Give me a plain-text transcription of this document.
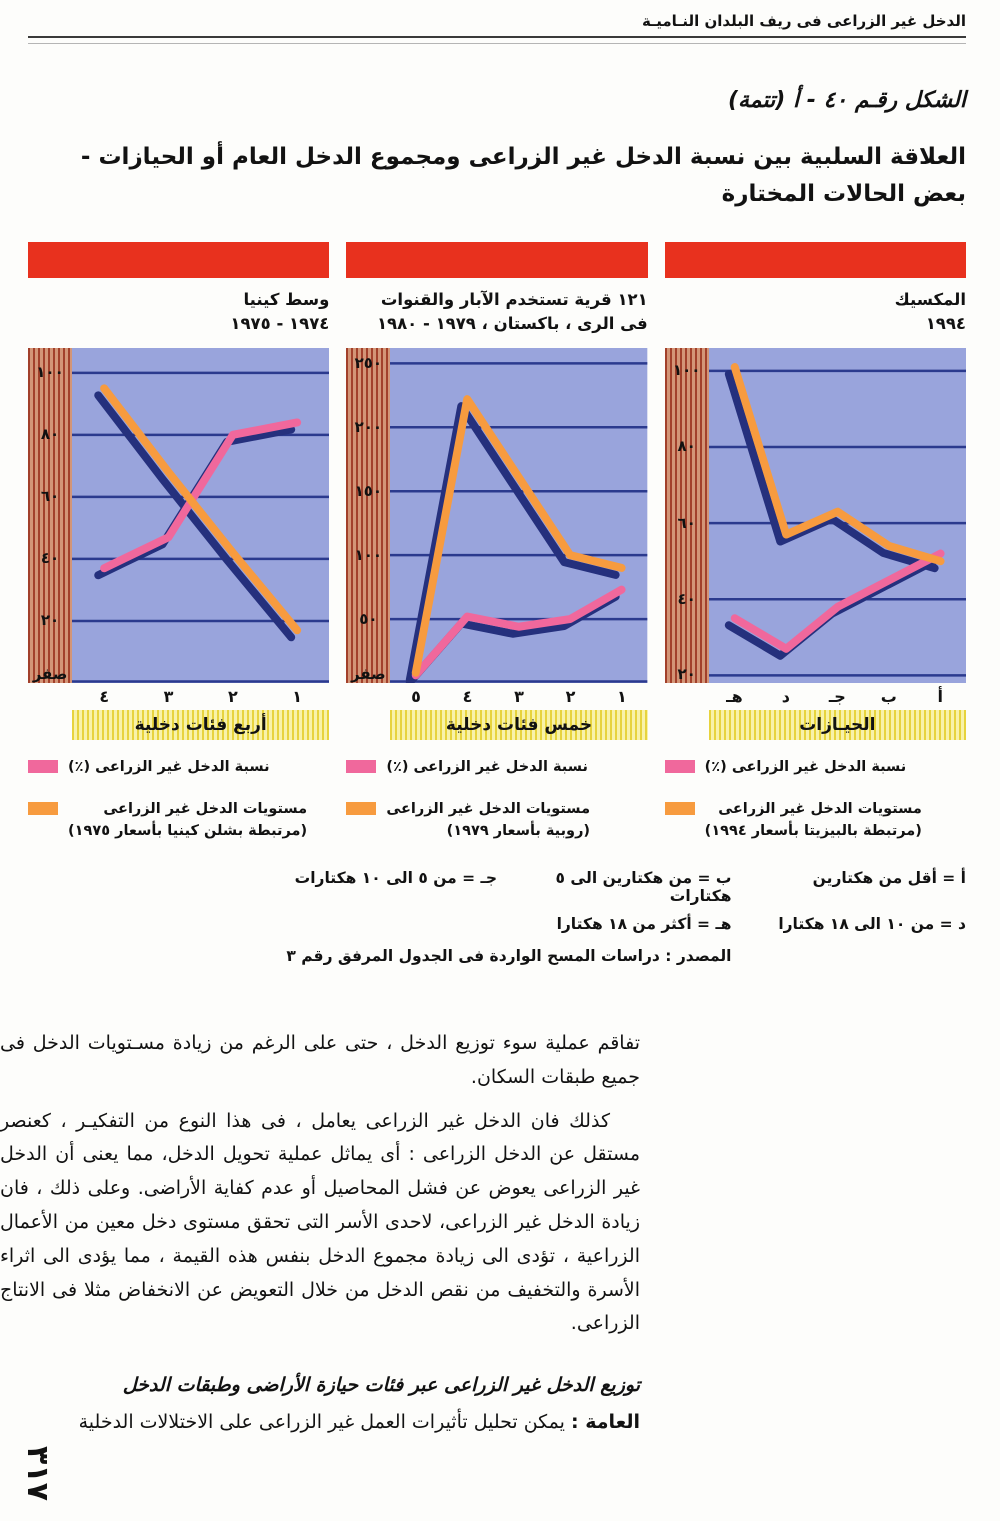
الدخل غير الزراعى فى ريف البلدان النـاميـة
الشكل رقـم ٤٠ - أ (تتمة)
العلاقة السلبية بين نسبة الدخل غير الزراعى ومجموع الدخل العام أو الحيازات -
بعض الحالات المختارة
المكسيك
١٩٩٤
١٠٠
٨٠
٦٠
٤٠
٢٠
أ
ب
جـ
د
هـ
الحيـازات
نسبة الدخل غير الزراعى (٪)
مستويات الدخل غير الزراعى
(مرتبطة بالبيزيتا بأسعار ١٩٩٤)
١٢١ قرية تستخدم الآبار والقنوات
فى الرى ، باكستان ، ١٩٧٩ - ١٩٨٠
٢٥٠
٢٠٠
١٥٠
١٠٠
٥٠
صفر
١
٢
٣
٤
٥
خمس فئات دخلية
نسبة الدخل غير الزراعى (٪)
مستويات الدخل غير الزراعى
(روبية بأسعار ١٩٧٩)
وسط كينيا
١٩٧٤ - ١٩٧٥
١٠٠
٨٠
٦٠
٤٠
٢٠
صفر
١
٢
٣
٤
أربع فئات دخلية
نسبة الدخل غير الزراعى (٪)
مستويات الدخل غير الزراعى
(مرتبطة بشلن كينيا بأسعار ١٩٧٥)
أ = أقل من هكتارين
ب = من هكتارين الى ٥ هكتارات
جـ = من ٥ الى ١٠ هكتارات
د = من ١٠ الى ١٨ هكتارا
هـ = أكثر من ١٨ هكتارا
المصدر : دراسات المسح الواردة فى الجدول المرفق رقم ٣

تفاقم عملية سوء توزيع الدخل ، حتى على الرغم من زيادة مسـتويات الدخل فى جميع طبقات السكان.

كذلك فان الدخل غير الزراعى يعامل ، فى هذا النوع من التفكيـر ، كعنصر مستقل عن الدخل الزراعى : أى يماثل عملية تحويل الدخل، مما يعنى أن الدخل غير الزراعى يعوض عن فشل المحاصيل أو عدم كفاية الأراضى. وعلى ذلك ، فان زيادة الدخل غير الزراعى، لاحدى الأسر التى تحقق مستوى دخل معين من الأعمال الزراعية ، تؤدى الى زيادة مجموع الدخل بنفس هذه القيمة ، مما يؤدى الى اثراء الأسرة والتخفيف من نقص الدخل من خلال التعويض عن الانخفاض مثلا فى الانتاج الزراعى.

توزيع الدخل غير الزراعى عبر فئات حيازة الأراضى وطبقات الدخل
العامة : يمكن تحليل تأثيرات العمل غير الزراعى على الاختلالات الدخلية
٣١٧
